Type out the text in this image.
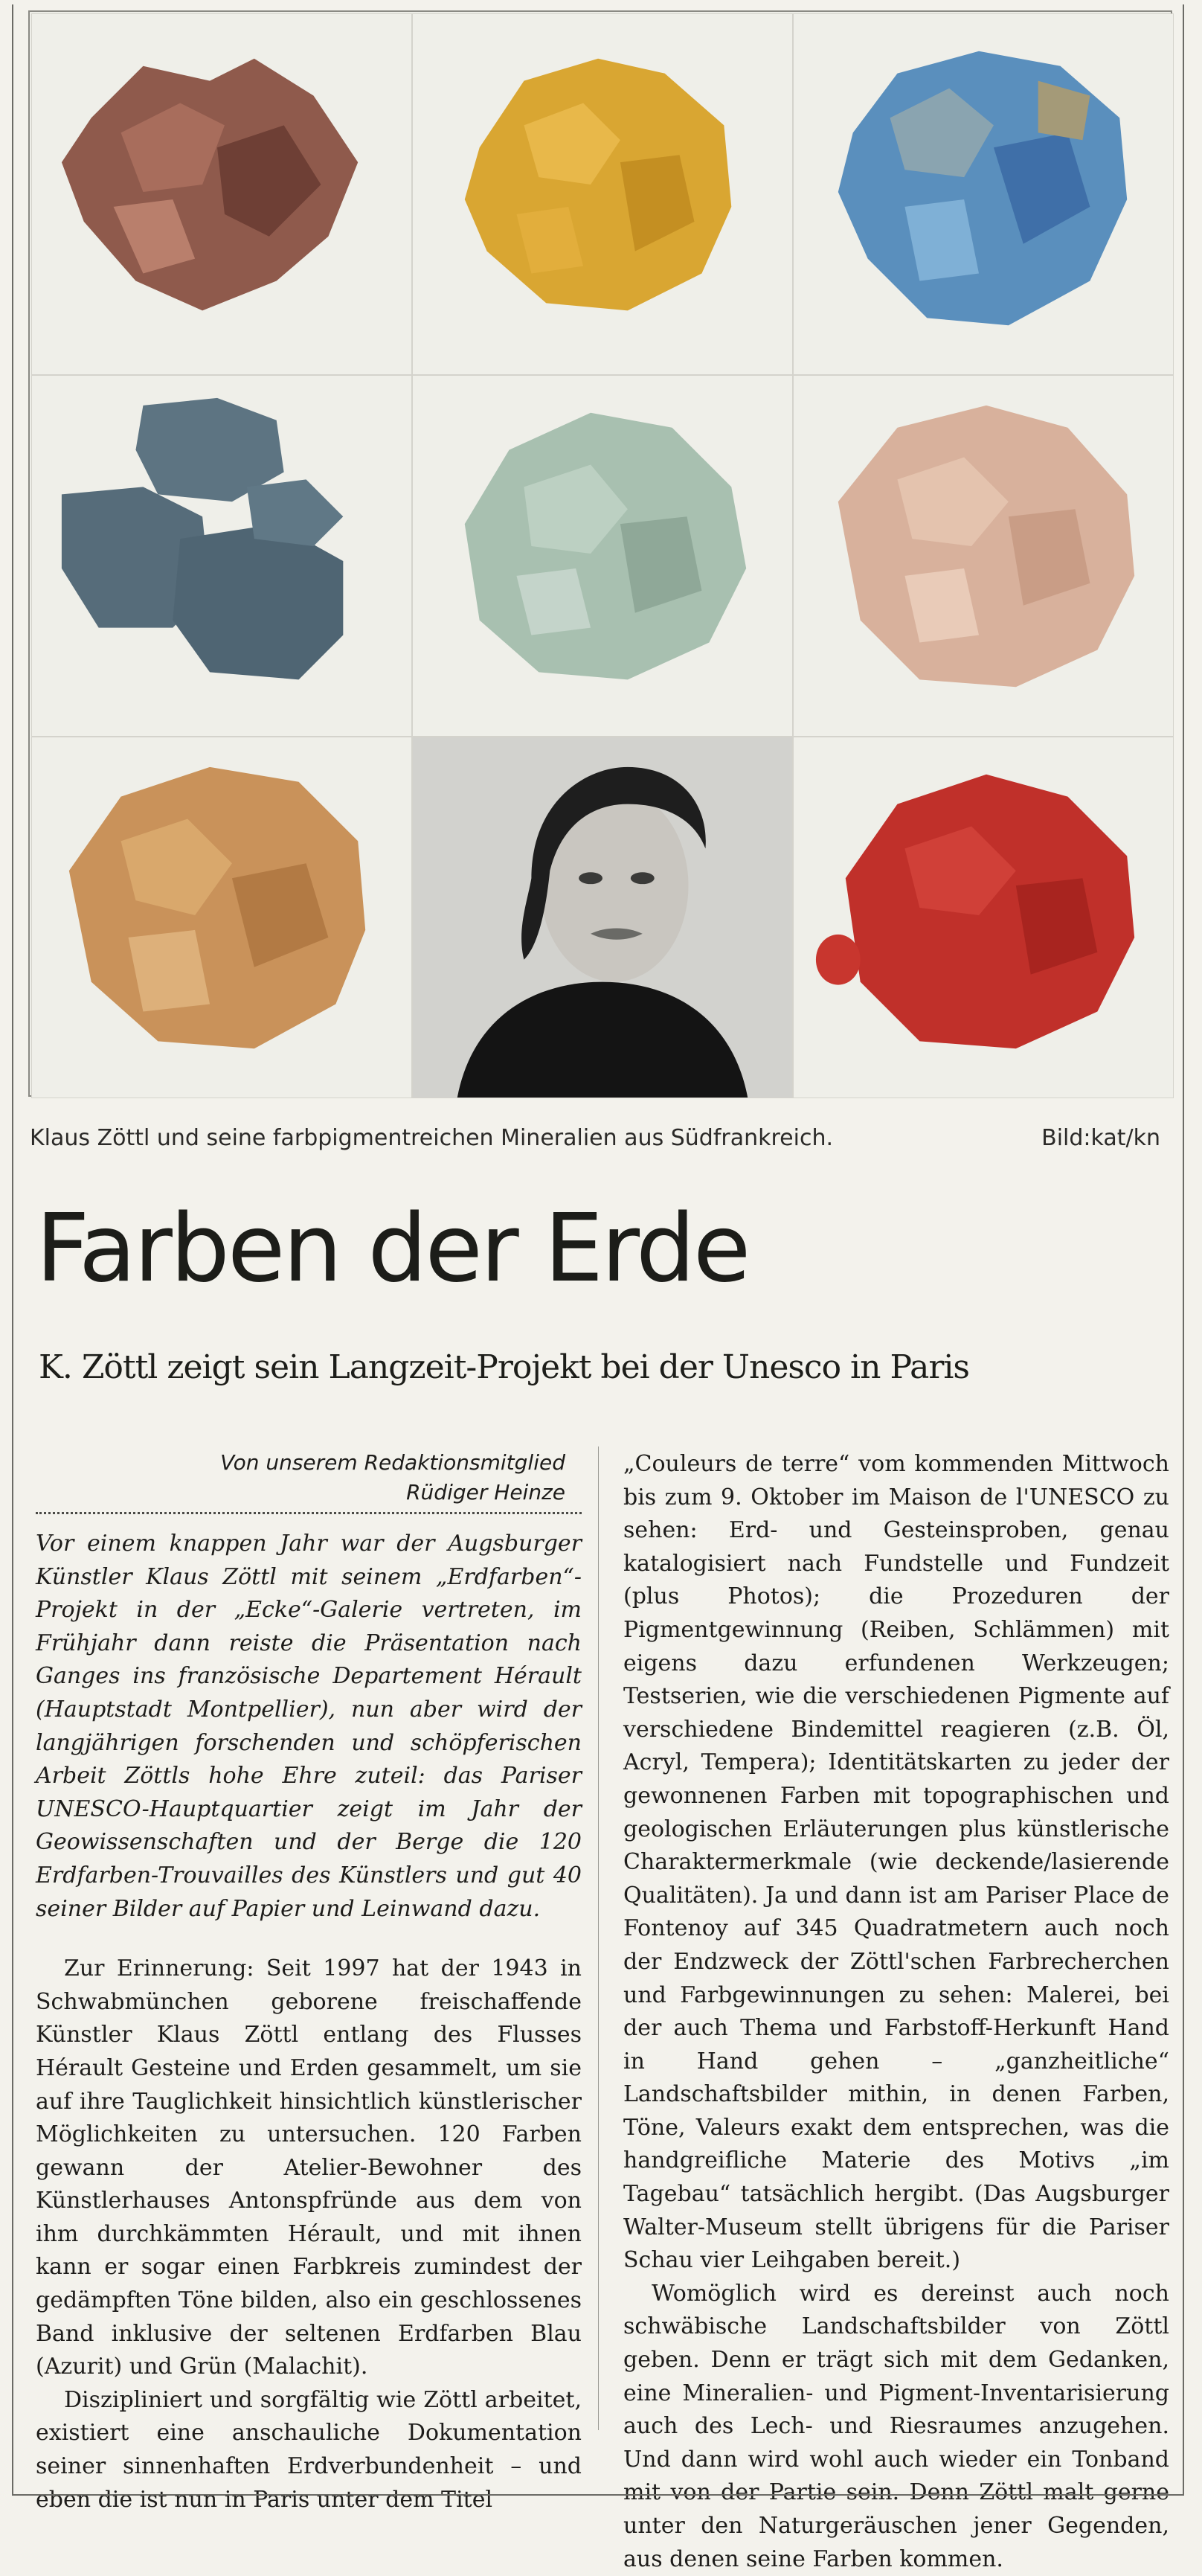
Klaus Zöttl und seine farbpigmentreichen Mineralien aus Südfrankreich.	Bild:kat/kn
Farben der Erde
K. Zöttl zeigt sein Langzeit-Projekt bei der Unesco in Paris
Von unserem Redaktionsmitglied
Rüdiger Heinze

Vor einem knappen Jahr war der Augsburger Künstler Klaus Zöttl mit seinem „Erdfarben“-Projekt in der „Ecke“-Galerie vertreten, im Frühjahr dann reiste die Präsentation nach Ganges ins französische Departement Hérault (Hauptstadt Montpellier), nun aber wird der langjährigen forschenden und schöpferischen Arbeit Zöttls hohe Ehre zuteil: das Pariser UNESCO-Hauptquartier zeigt im Jahr der Geowissenschaften und der Berge die 120 Erdfarben-Trouvailles des Künstlers und gut 40 seiner Bilder auf Papier und Leinwand dazu.

Zur Erinnerung: Seit 1997 hat der 1943 in Schwabmünchen geborene freischaffende Künstler Klaus Zöttl entlang des Flusses Hérault Gesteine und Erden gesammelt, um sie auf ihre Tauglichkeit hinsichtlich künstlerischer Möglichkeiten zu untersuchen. 120 Farben gewann der Atelier-Bewohner des Künstlerhauses Antonspfründe aus dem von ihm durchkämmten Hérault, und mit ihnen kann er sogar einen Farbkreis zumindest der gedämpften Töne bilden, also ein geschlossenes Band inklusive der seltenen Erdfarben Blau (Azurit) und Grün (Malachit).

Diszipliniert und sorgfältig wie Zöttl arbeitet, existiert eine anschauliche Dokumentation seiner sinnenhaften Erdverbundenheit – und eben die ist nun in Paris unter dem Titel

„Couleurs de terre“ vom kommenden Mittwoch bis zum 9. Oktober im Maison de l'UNESCO zu sehen: Erd- und Gesteinsproben, genau katalogisiert nach Fundstelle und Fundzeit (plus Photos); die Prozeduren der Pigmentgewinnung (Reiben, Schlämmen) mit eigens dazu erfundenen Werkzeugen; Testserien, wie die verschiedenen Pigmente auf verschiedene Bindemittel reagieren (z.B. Öl, Acryl, Tempera); Identitätskarten zu jeder der gewonnenen Farben mit topographischen und geologischen Erläuterungen plus künstlerische Charaktermerkmale (wie deckende/lasierende Qualitäten). Ja und dann ist am Pariser Place de Fontenoy auf 345 Quadratmetern auch noch der Endzweck der Zöttl'schen Farbrecherchen und Farbgewinnungen zu sehen: Malerei, bei der auch Thema und Farbstoff-Herkunft Hand in Hand gehen – „ganzheitliche“ Landschaftsbilder mithin, in denen Farben, Töne, Valeurs exakt dem entsprechen, was die handgreifliche Materie des Motivs „im Tagebau“ tatsächlich hergibt. (Das Augsburger Walter-Museum stellt übrigens für die Pariser Schau vier Leihgaben bereit.)

Womöglich wird es dereinst auch noch schwäbische Landschaftsbilder von Zöttl geben. Denn er trägt sich mit dem Gedanken, eine Mineralien- und Pigment-Inventarisierung auch des Lech- und Riesraumes anzugehen. Und dann wird wohl auch wieder ein Tonband mit von der Partie sein. Denn Zöttl malt gerne unter den Naturgeräuschen jener Gegenden, aus denen seine Farben kommen.
